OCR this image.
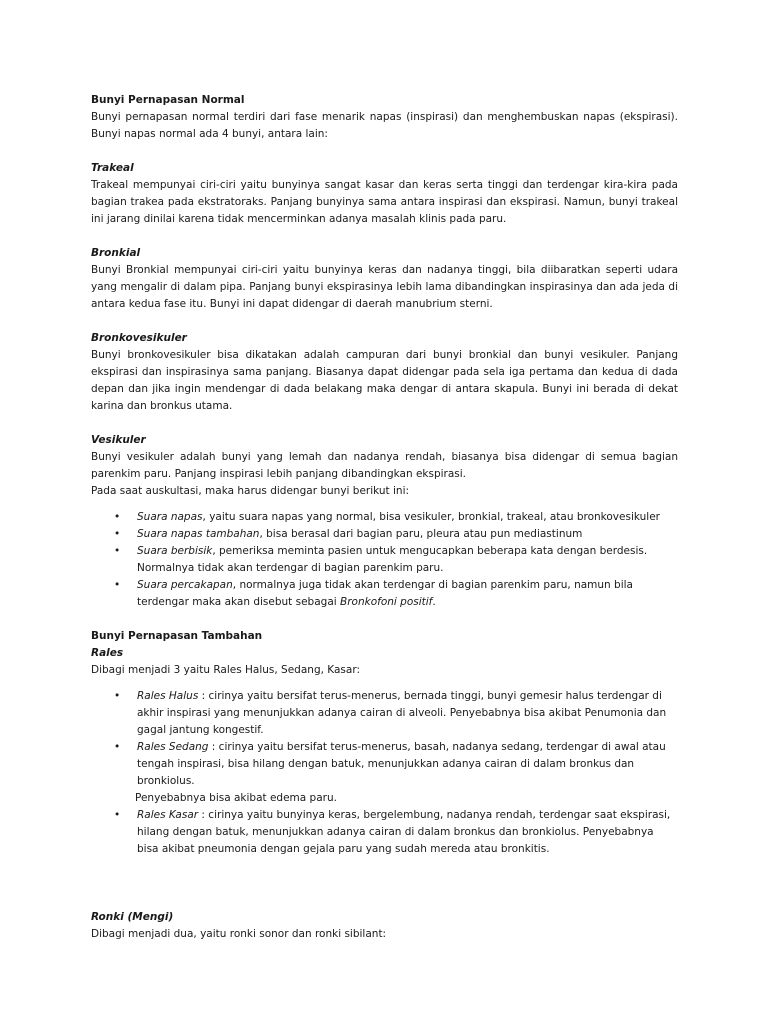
Bunyi Pernapasan Normal

Bunyi pernapasan normal terdiri dari fase menarik napas (inspirasi) dan menghembuskan napas (ekspirasi). Bunyi napas normal ada 4 bunyi, antara lain:

Trakeal

Trakeal mempunyai ciri-ciri yaitu bunyinya sangat kasar dan keras serta tinggi dan terdengar kira-kira pada bagian trakea pada ekstratoraks. Panjang bunyinya sama antara inspirasi dan ekspirasi. Namun, bunyi trakeal ini jarang dinilai karena tidak mencerminkan adanya masalah klinis pada paru.

Bronkial

Bunyi Bronkial mempunyai ciri-ciri yaitu bunyinya keras dan nadanya tinggi, bila diibaratkan seperti udara yang mengalir di dalam pipa. Panjang bunyi ekspirasinya lebih lama dibandingkan inspirasinya dan ada jeda di antara kedua fase itu. Bunyi ini dapat didengar di daerah manubrium sterni.

Bronkovesikuler

Bunyi bronkovesikuler bisa dikatakan adalah campuran dari bunyi bronkial dan bunyi vesikuler. Panjang ekspirasi dan inspirasinya sama panjang. Biasanya dapat didengar pada sela iga pertama dan kedua di dada depan dan jika ingin mendengar di dada belakang maka dengar di antara skapula. Bunyi ini berada di dekat karina dan bronkus utama.

Vesikuler

Bunyi vesikuler adalah bunyi yang lemah dan nadanya rendah, biasanya bisa didengar di semua bagian parenkim paru. Panjang inspirasi lebih panjang dibandingkan ekspirasi.

Pada saat auskultasi, maka harus didengar bunyi berikut ini:

• Suara napas, yaitu suara napas yang normal, bisa vesikuler, bronkial, trakeal, atau bronkovesikuler
• Suara napas tambahan, bisa berasal dari bagian paru, pleura atau pun mediastinum
• Suara berbisik, pemeriksa meminta pasien untuk mengucapkan beberapa kata dengan berdesis. Normalnya tidak akan terdengar di bagian parenkim paru.
• Suara percakapan, normalnya juga tidak akan terdengar di bagian parenkim paru, namun bila terdengar maka akan disebut sebagai Bronkofoni positif.

Bunyi Pernapasan Tambahan

Rales

Dibagi menjadi 3 yaitu Rales Halus, Sedang, Kasar:

• Rales Halus : cirinya yaitu bersifat terus-menerus, bernada tinggi, bunyi gemesir halus terdengar di akhir inspirasi yang menunjukkan adanya cairan di alveoli. Penyebabnya bisa akibat Penumonia dan gagal jantung kongestif.
• Rales Sedang : cirinya yaitu bersifat terus-menerus, basah, nadanya sedang, terdengar di awal atau tengah inspirasi, bisa hilang dengan batuk, menunjukkan adanya cairan di dalam bronkus dan bronkiolus.

Penyebabnya bisa akibat edema paru.

• Rales Kasar : cirinya yaitu bunyinya keras, bergelembung, nadanya rendah, terdengar saat ekspirasi, hilang dengan batuk, menunjukkan adanya cairan di dalam bronkus dan bronkiolus. Penyebabnya bisa akibat pneumonia dengan gejala paru yang sudah mereda atau bronkitis.

Ronki (Mengi)

Dibagi menjadi dua, yaitu ronki sonor dan ronki sibilant:
